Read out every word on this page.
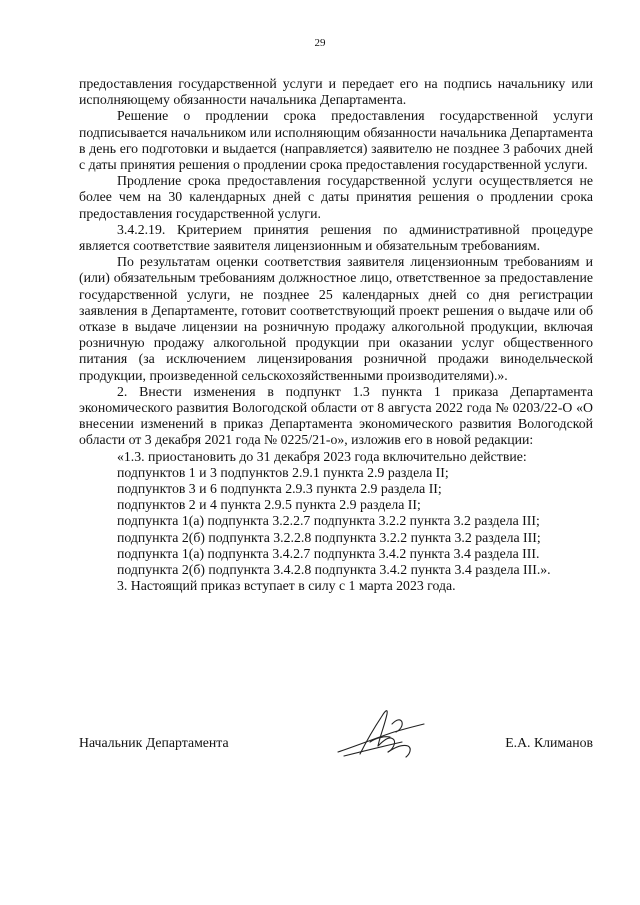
29

предоставления государственной услуги и передает его на подпись начальнику или исполняющему обязанности начальника Департамента.

Решение о продлении срока предоставления государственной услуги подписывается начальником или исполняющим обязанности начальника Департамента в день его подготовки и выдается (направляется) заявителю не позднее 3 рабочих дней с даты принятия решения о продлении срока предоставления государственной услуги.

Продление срока предоставления государственной услуги осуществляется не более чем на 30 календарных дней с даты принятия решения о продлении срока предоставления государственной услуги.

3.4.2.19. Критерием принятия решения по административной процедуре является соответствие заявителя лицензионным и обязательным требованиям.

По результатам оценки соответствия заявителя лицензионным требованиям и (или) обязательным требованиям должностное лицо, ответственное за предоставление государственной услуги, не позднее 25 календарных дней со дня регистрации заявления в Департаменте, готовит соответствующий проект решения о выдаче или об отказе в выдаче лицензии на розничную продажу алкогольной продукции, включая розничную продажу алкогольной продукции при оказании услуг общественного питания (за исключением лицензирования розничной продажи винодельческой продукции, произведенной сельскохозяйственными производителями).».

2. Внести изменения в подпункт 1.3 пункта 1 приказа Департамента экономического развития Вологодской области от 8 августа 2022 года № 0203/22-О «О внесении изменений в приказ Департамента экономического развития Вологодской области от 3 декабря 2021 года № 0225/21-о», изложив его в новой редакции:

«1.3. приостановить до 31 декабря 2023 года включительно действие:

подпунктов 1 и 3 подпунктов 2.9.1 пункта 2.9 раздела II;

подпунктов 3 и 6 подпункта 2.9.3 пункта 2.9 раздела II;

подпунктов 2 и 4 пункта 2.9.5 пункта 2.9 раздела II;

подпункта 1(а) подпункта 3.2.2.7 подпункта 3.2.2 пункта 3.2 раздела III;

подпункта 2(б) подпункта 3.2.2.8 подпункта 3.2.2 пункта 3.2 раздела III;

подпункта 1(а) подпункта 3.4.2.7 подпункта 3.4.2 пункта 3.4 раздела III.

подпункта 2(б) подпункта 3.4.2.8 подпункта 3.4.2 пункта 3.4 раздела III.».

3. Настоящий приказ вступает в силу с 1 марта 2023 года.

Начальник Департамента	Е.А. Климанов
